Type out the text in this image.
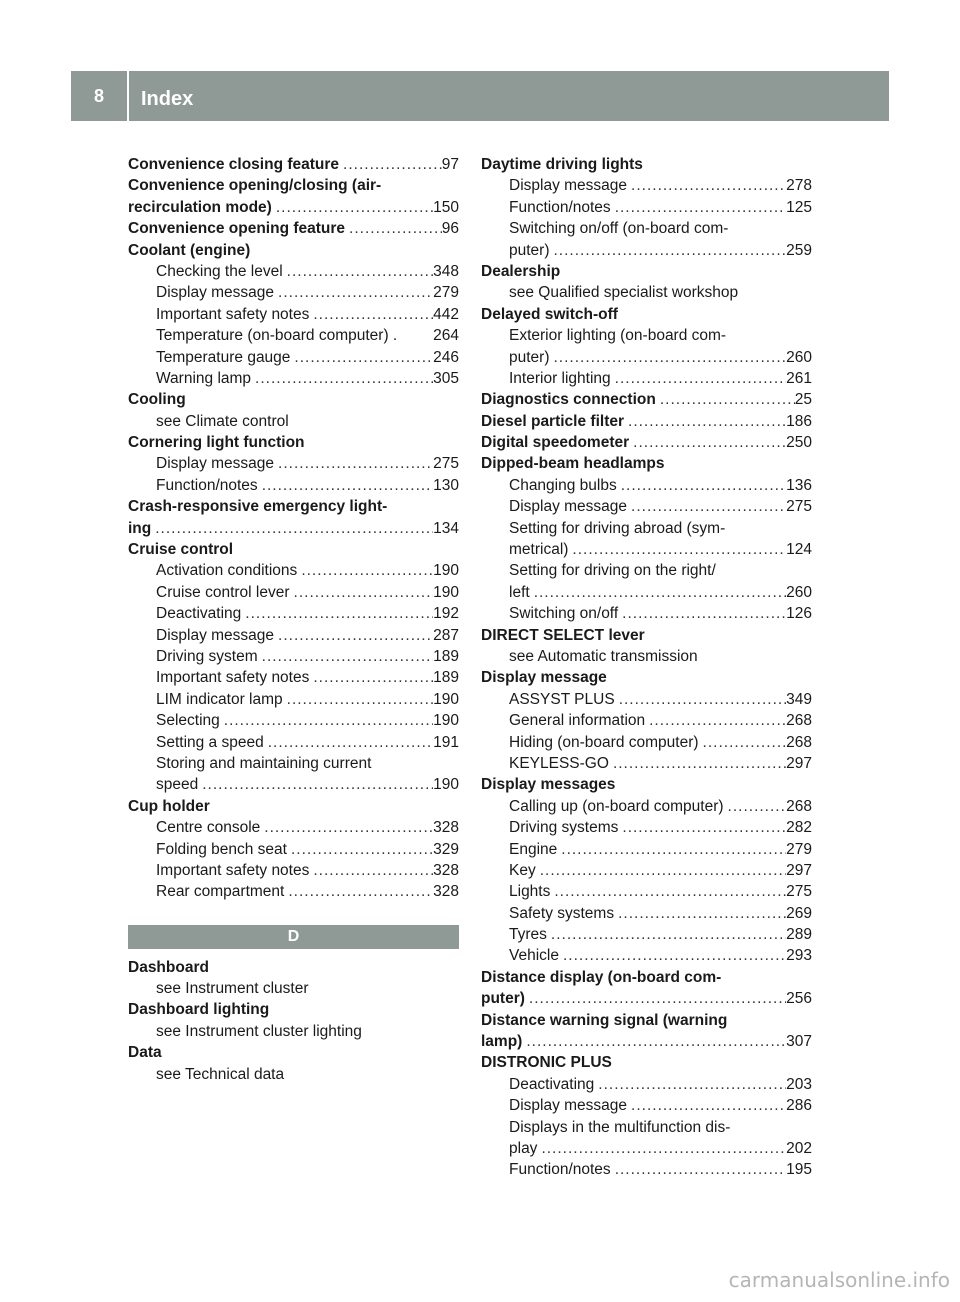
8	Index
Convenience closing feature .....	97
Convenience opening/closing (air-
recirculation mode) .....	150
Convenience opening feature .....	96
Coolant (engine)
Checking the level .....	348
Display message .....	279
Important safety notes .....	442
Temperature (on-board computer) . 264
Temperature gauge .....	246
Warning lamp .....	305
Cooling
see Climate control
Cornering light function
Display message .....	275
Function/notes .....	130
Crash-responsive emergency light-
ing .....	134
Cruise control
Activation conditions .....	190
Cruise control lever .....	190
Deactivating .....	192
Display message .....	287
Driving system .....	189
Important safety notes .....	189
LIM indicator lamp .....	190
Selecting .....	190
Setting a speed .....	191
Storing and maintaining current
speed .....	190
Cup holder
Centre console .....	328
Folding bench seat .....	329
Important safety notes .....	328
Rear compartment .....	328
D
Dashboard
see Instrument cluster
Dashboard lighting
see Instrument cluster lighting
Data
see Technical data
Daytime driving lights
Display message .....	278
Function/notes .....	125
Switching on/off (on-board com-
puter) .....	259
Dealership
see Qualified specialist workshop
Delayed switch-off
Exterior lighting (on-board com-
puter) .....	260
Interior lighting .....	261
Diagnostics connection .....	25
Diesel particle filter .....	186
Digital speedometer .....	250
Dipped-beam headlamps
Changing bulbs .....	136
Display message .....	275
Setting for driving abroad (sym-
metrical) .....	124
Setting for driving on the right/
left .....	260
Switching on/off .....	126
DIRECT SELECT lever
see Automatic transmission
Display message
ASSYST PLUS .....	349
General information .....	268
Hiding (on-board computer) .....	268
KEYLESS-GO .....	297
Display messages
Calling up (on-board computer) .....	268
Driving systems .....	282
Engine .....	279
Key .....	297
Lights .....	275
Safety systems .....	269
Tyres .....	289
Vehicle .....	293
Distance display (on-board com-
puter) .....	256
Distance warning signal (warning
lamp) .....	307
DISTRONIC PLUS
Deactivating .....	203
Display message .....	286
Displays in the multifunction dis-
play .....	202
Function/notes .....	195
carmanualsonline.info
